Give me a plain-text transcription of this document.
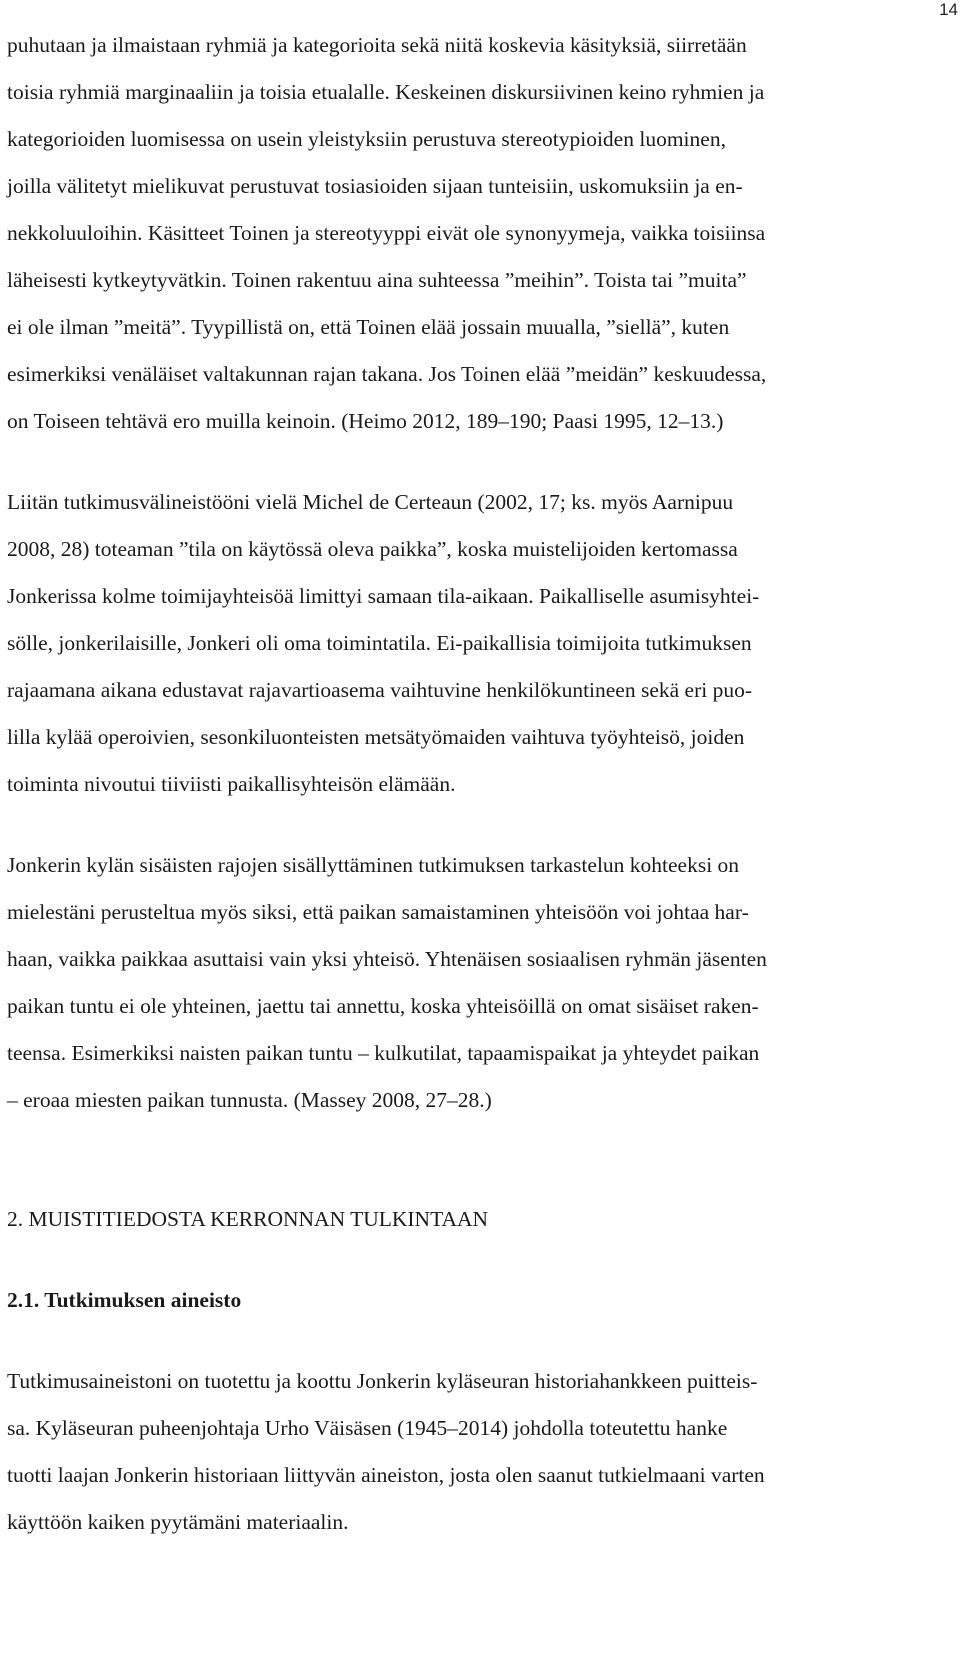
14
puhutaan ja ilmaistaan ryhmiä ja kategorioita sekä niitä koskevia käsityksiä, siirretään
toisia ryhmiä marginaaliin ja toisia etualalle. Keskeinen diskursiivinen keino ryhmien ja
kategorioiden luomisessa on usein yleistyksiin perustuva stereotypioiden luominen,
joilla välitetyt mielikuvat perustuvat tosiasioiden sijaan tunteisiin, uskomuksiin ja en-
nekkoluuloihin. Käsitteet Toinen ja stereotyyppi eivät ole synonyymeja, vaikka toisiinsa
läheisesti kytkeytyvätkin. Toinen rakentuu aina suhteessa ”meihin”. Toista tai ”muita”
ei ole ilman ”meitä”. Tyypillistä on, että Toinen elää jossain muualla, ”siellä”, kuten
esimerkiksi venäläiset valtakunnan rajan takana. Jos Toinen elää ”meidän” keskuudessa,
on Toiseen tehtävä ero muilla keinoin. (Heimo 2012, 189–190; Paasi 1995, 12–13.)
Liitän tutkimusvälineistööni vielä Michel de Certeaun (2002, 17; ks. myös Aarnipuu
2008, 28) toteaman ”tila on käytössä oleva paikka”, koska muistelijoiden kertomassa
Jonkerissa kolme toimijayhteisöä limittyi samaan tila-aikaan. Paikalliselle asumisyhtei-
sölle, jonkerilaisille, Jonkeri oli oma toimintatila. Ei-paikallisia toimijoita tutkimuksen
rajaamana aikana edustavat rajavartioasema vaihtuvine henkilökuntineen sekä eri puo-
lilla kylää operoivien, sesonkiluonteisten metsätyömaiden vaihtuva työyhteisö, joiden
toiminta nivoutui tiiviisti paikallisyhteisön elämään.
Jonkerin kylän sisäisten rajojen sisällyttäminen tutkimuksen tarkastelun kohteeksi on
mielestäni perusteltua myös siksi, että paikan samaistaminen yhteisöön voi johtaa har-
haan, vaikka paikkaa asuttaisi vain yksi yhteisö. Yhtenäisen sosiaalisen ryhmän jäsenten
paikan tuntu ei ole yhteinen, jaettu tai annettu, koska yhteisöillä on omat sisäiset raken-
teensa. Esimerkiksi naisten paikan tuntu – kulkutilat, tapaamispaikat ja yhteydet paikan
– eroaa miesten paikan tunnusta. (Massey 2008, 27–28.)
2. MUISTITIEDOSTA KERRONNAN TULKINTAAN
2.1. Tutkimuksen aineisto
Tutkimusaineistoni on tuotettu ja koottu Jonkerin kyläseuran historiahankkeen puitteis-
sa. Kyläseuran puheenjohtaja Urho Väisäsen (1945–2014) johdolla toteutettu hanke
tuotti laajan Jonkerin historiaan liittyvän aineiston, josta olen saanut tutkielmaani varten
käyttöön kaiken pyytämäni materiaalin.
